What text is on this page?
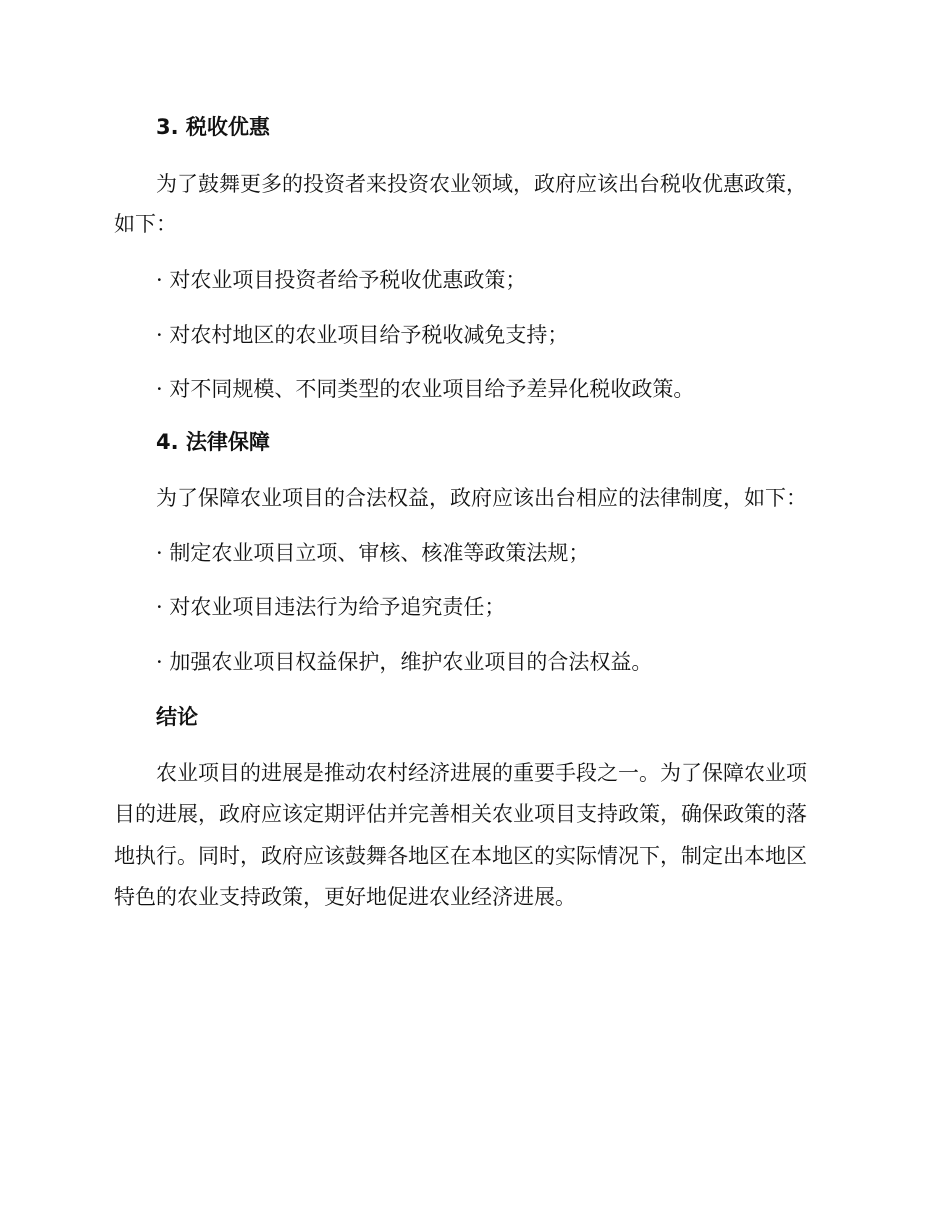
3. 税收优惠

为了鼓舞更多的投资者来投资农业领域，政府应该出台税收优惠政策，

如下：

· 对农业项目投资者给予税收优惠政策；

· 对农村地区的农业项目给予税收减免支持；

· 对不同规模、不同类型的农业项目给予差异化税收政策。

4. 法律保障

为了保障农业项目的合法权益，政府应该出台相应的法律制度，如下：

· 制定农业项目立项、审核、核准等政策法规；

· 对农业项目违法行为给予追究责任；

· 加强农业项目权益保护，维护农业项目的合法权益。

结论

农业项目的进展是推动农村经济进展的重要手段之一。为了保障农业项

目的进展，政府应该定期评估并完善相关农业项目支持政策，确保政策的落

地执行。同时，政府应该鼓舞各地区在本地区的实际情况下，制定出本地区

特色的农业支持政策，更好地促进农业经济进展。
